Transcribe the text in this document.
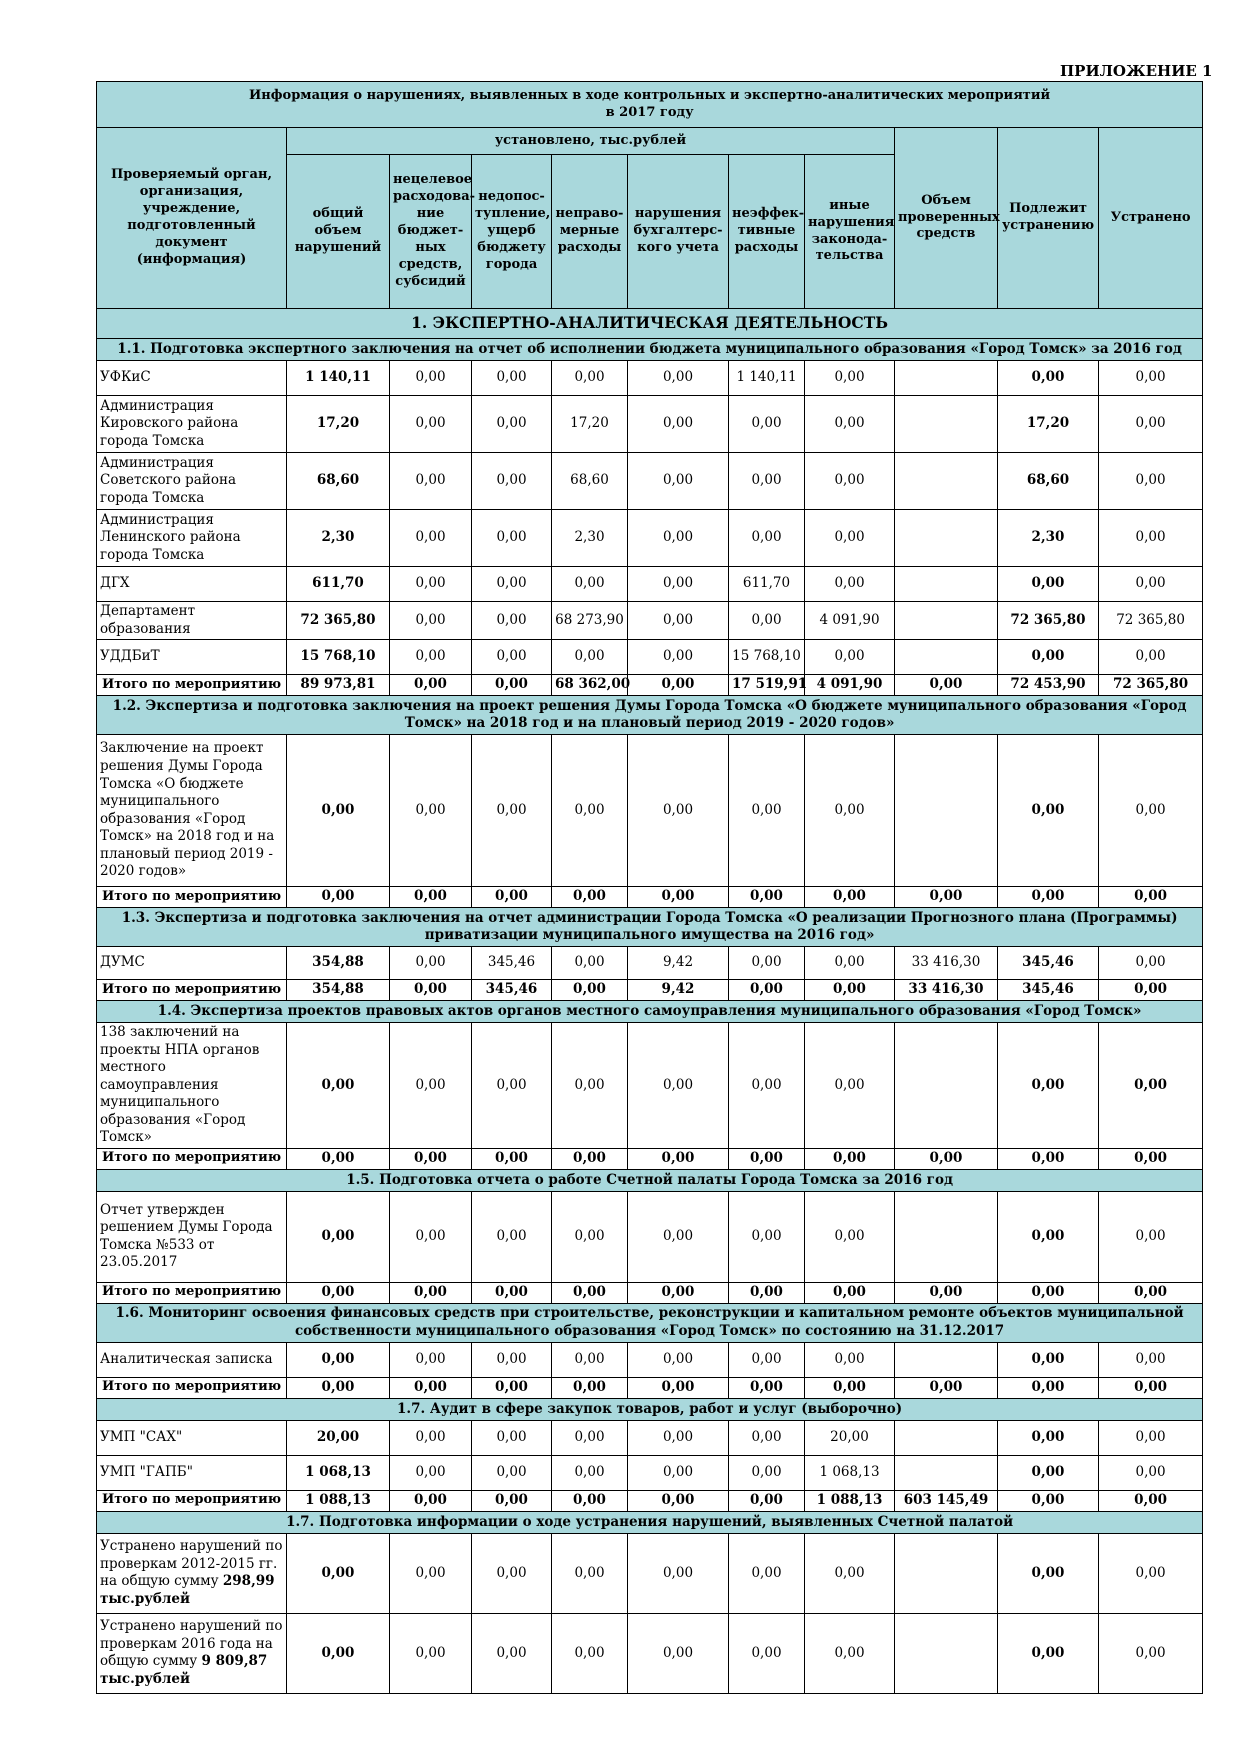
ПРИЛОЖЕНИЕ 1
Информация о нарушениях, выявленных в ходе контрольных и экспертно-аналитических мероприятий
в 2017 году										
Проверяемый орган, организация, учреждение, подготовленный документ (информация)	установлено, тыс.рублей							Объем проверенных средств	Подлежит устранению	Устранено
	общий объем нарушений	нецелевое расходова-ние бюджет-ных средств, субсидий	недопос-тупление, ущерб бюджету города	неправо-мерные расходы	нарушения бухгалтерс-кого учета	неэффек-тивные расходы	иные нарушения законода-тельства			
1. ЭКСПЕРТНО-АНАЛИТИЧЕСКАЯ ДЕЯТЕЛЬНОСТЬ										
1.1. Подготовка экспертного заключения на отчет об исполнении бюджета муниципального образования «Город Томск» за 2016 год										
УФКиС	1 140,11	0,00	0,00	0,00	0,00	1 140,11	0,00		0,00	0,00
Администрация Кировского района города Томска	17,20	0,00	0,00	17,20	0,00	0,00	0,00		17,20	0,00
Администрация Советского района города Томска	68,60	0,00	0,00	68,60	0,00	0,00	0,00		68,60	0,00
Администрация Ленинского района города Томска	2,30	0,00	0,00	2,30	0,00	0,00	0,00		2,30	0,00
ДГХ	611,70	0,00	0,00	0,00	0,00	611,70	0,00		0,00	0,00
Департамент образования	72 365,80	0,00	0,00	68 273,90	0,00	0,00	4 091,90		72 365,80	72 365,80
УДДБиТ	15 768,10	0,00	0,00	0,00	0,00	15 768,10	0,00		0,00	0,00
Итого по мероприятию	89 973,81	0,00	0,00	68 362,00	0,00	17 519,91	4 091,90	0,00	72 453,90	72 365,80
1.2. Экспертиза и подготовка заключения на проект решения Думы Города Томска «О бюджете муниципального образования «Город Томск» на 2018 год и на плановый период 2019 - 2020 годов»										
Заключение на проект решения Думы Города Томска «О бюджете муниципального образования «Город Томск» на 2018 год и на плановый период 2019 - 2020 годов»	0,00	0,00	0,00	0,00	0,00	0,00	0,00		0,00	0,00
Итого по мероприятию	0,00	0,00	0,00	0,00	0,00	0,00	0,00	0,00	0,00	0,00
1.3. Экспертиза и подготовка заключения на отчет администрации Города Томска «О реализации Прогнозного плана (Программы) приватизации муниципального имущества на 2016 год»										
ДУМС	354,88	0,00	345,46	0,00	9,42	0,00	0,00	33 416,30	345,46	0,00
Итого по мероприятию	354,88	0,00	345,46	0,00	9,42	0,00	0,00	33 416,30	345,46	0,00
1.4. Экспертиза проектов правовых актов органов местного самоуправления муниципального образования «Город Томск»										
138 заключений на проекты НПА органов местного самоуправления муниципального образования «Город Томск»	0,00	0,00	0,00	0,00	0,00	0,00	0,00		0,00	0,00
Итого по мероприятию	0,00	0,00	0,00	0,00	0,00	0,00	0,00	0,00	0,00	0,00
1.5. Подготовка отчета о работе Счетной палаты Города Томска за 2016 год										
Отчет утвержден решением Думы Города Томска №533 от 23.05.2017	0,00	0,00	0,00	0,00	0,00	0,00	0,00		0,00	0,00
Итого по мероприятию	0,00	0,00	0,00	0,00	0,00	0,00	0,00	0,00	0,00	0,00
1.6. Мониторинг освоения финансовых средств при строительстве, реконструкции и капитальном ремонте объектов муниципальной собственности муниципального образования «Город Томск» по состоянию на 31.12.2017										
Аналитическая записка	0,00	0,00	0,00	0,00	0,00	0,00	0,00		0,00	0,00
Итого по мероприятию	0,00	0,00	0,00	0,00	0,00	0,00	0,00	0,00	0,00	0,00
1.7. Аудит в сфере закупок товаров, работ и услуг (выборочно)										
УМП "САХ"	20,00	0,00	0,00	0,00	0,00	0,00	20,00		0,00	0,00
УМП "ГАПБ"	1 068,13	0,00	0,00	0,00	0,00	0,00	1 068,13		0,00	0,00
Итого по мероприятию	1 088,13	0,00	0,00	0,00	0,00	0,00	1 088,13	603 145,49	0,00	0,00
1.7. Подготовка информации о ходе устранения нарушений, выявленных Счетной палатой										
Устранено нарушений по проверкам 2012-2015 гг. на общую сумму 298,99 тыс.рублей	0,00	0,00	0,00	0,00	0,00	0,00	0,00		0,00	0,00
Устранено нарушений по проверкам 2016 года на общую сумму 9 809,87 тыс.рублей	0,00	0,00	0,00	0,00	0,00	0,00	0,00		0,00	0,00
